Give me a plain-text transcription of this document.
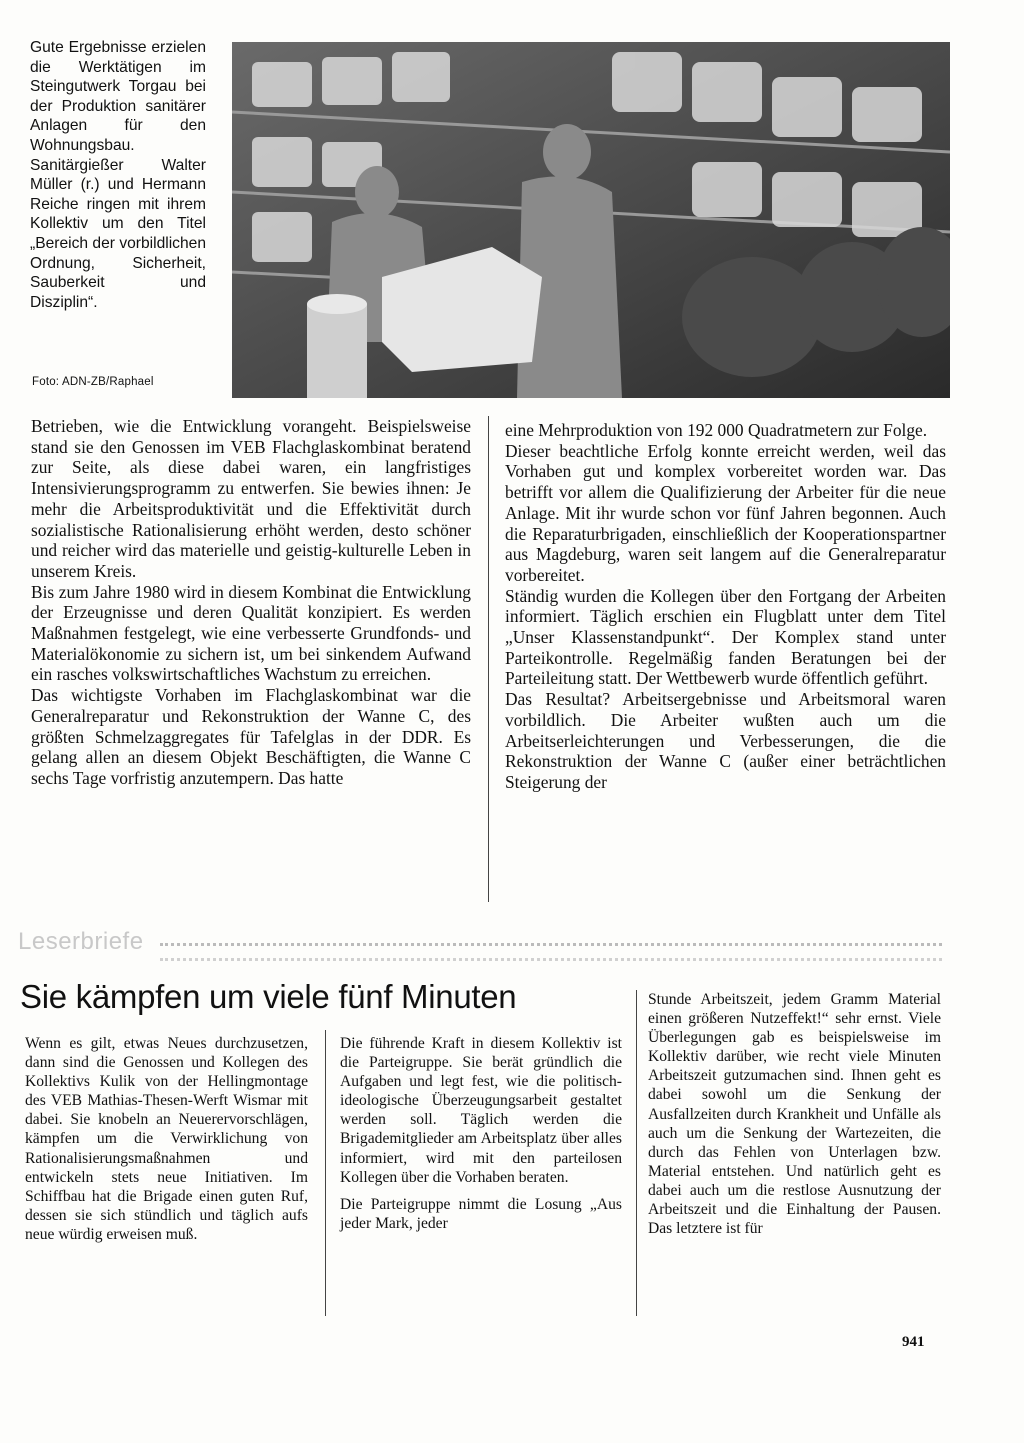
Gute Ergebnisse erzielen die Werktätigen im Steingutwerk Torgau bei der Produktion sanitärer Anlagen für den Wohnungsbau. Sanitärgießer Walter Müller (r.) und Hermann Reiche ringen mit ihrem Kollektiv um den Titel „Bereich der vorbildlichen Ordnung, Sicherheit, Sauberkeit und Disziplin“.

Foto: ADN-ZB/Raphael

Betrieben, wie die Entwicklung vorangeht. Beispielsweise stand sie den Genossen im VEB Flachglaskombinat beratend zur Seite, als diese dabei waren, ein langfristiges Intensivierungsprogramm zu entwerfen. Sie bewies ihnen: Je mehr die Arbeitsproduktivität und die Effektivität durch sozialistische Rationalisierung erhöht werden, desto schöner und reicher wird das materielle und geistig-kulturelle Leben in unserem Kreis.

Bis zum Jahre 1980 wird in diesem Kombinat die Entwicklung der Erzeugnisse und deren Qualität konzipiert. Es werden Maßnahmen festgelegt, wie eine verbesserte Grundfonds- und Materialökonomie zu sichern ist, um bei sinkendem Aufwand ein rasches volkswirtschaftliches Wachstum zu erreichen.

Das wichtigste Vorhaben im Flachglaskombinat war die Generalreparatur und Rekonstruktion der Wanne C, des größten Schmelzaggregates für Tafelglas in der DDR. Es gelang allen an diesem Objekt Beschäftigten, die Wanne C sechs Tage vorfristig anzutempern. Das hatte

eine Mehrproduktion von 192 000 Quadratmetern zur Folge.

Dieser beachtliche Erfolg konnte erreicht werden, weil das Vorhaben gut und komplex vorbereitet worden war. Das betrifft vor allem die Qualifizierung der Arbeiter für die neue Anlage. Mit ihr wurde schon vor fünf Jahren begonnen. Auch die Reparaturbrigaden, einschließlich der Kooperationspartner aus Magdeburg, waren seit langem auf die Generalreparatur vorbereitet.

Ständig wurden die Kollegen über den Fortgang der Arbeiten informiert. Täglich erschien ein Flugblatt unter dem Titel „Unser Klassenstandpunkt“. Der Komplex stand unter Parteikontrolle. Regelmäßig fanden Beratungen bei der Parteileitung statt. Der Wettbewerb wurde öffentlich geführt.

Das Resultat? Arbeitsergebnisse und Arbeitsmoral waren vorbildlich. Die Arbeiter wußten auch um die Arbeitserleichterungen und Verbesserungen, die die Rekonstruktion der Wanne C (außer einer beträchtlichen Steigerung der

Leserbriefe
Sie kämpfen um viele fünf Minuten

Wenn es gilt, etwas Neues durchzusetzen, dann sind die Genossen und Kollegen des Kollektivs Kulik von der Hellingmontage des VEB Mathias-Thesen-Werft Wismar mit dabei. Sie knobeln an Neuerervorschlägen, kämpfen um die Verwirklichung von Rationalisierungsmaßnahmen und entwickeln stets neue Initiativen. Im Schiffbau hat die Brigade einen guten Ruf, dessen sie sich stündlich und täglich aufs neue würdig erweisen muß.

Die führende Kraft in diesem Kollektiv ist die Parteigruppe. Sie berät gründlich die Aufgaben und legt fest, wie die politisch-ideologische Überzeugungsarbeit gestaltet werden soll. Täglich werden die Brigademitglieder am Arbeitsplatz über alles informiert, wird mit den parteilosen Kollegen über die Vorhaben beraten.

Die Parteigruppe nimmt die Losung „Aus jeder Mark, jeder

Stunde Arbeitszeit, jedem Gramm Material einen größeren Nutzeffekt!“ sehr ernst. Viele Überlegungen gab es beispielsweise im Kollektiv darüber, wie recht viele Minuten Arbeitszeit gutzumachen sind. Ihnen geht es dabei sowohl um die Senkung der Ausfallzeiten durch Krankheit und Unfälle als auch um die Senkung der Wartezeiten, die durch das Fehlen von Unterlagen bzw. Material entstehen. Und natürlich geht es dabei auch um die restlose Ausnutzung der Arbeitszeit und die Einhaltung der Pausen. Das letztere ist für

941
